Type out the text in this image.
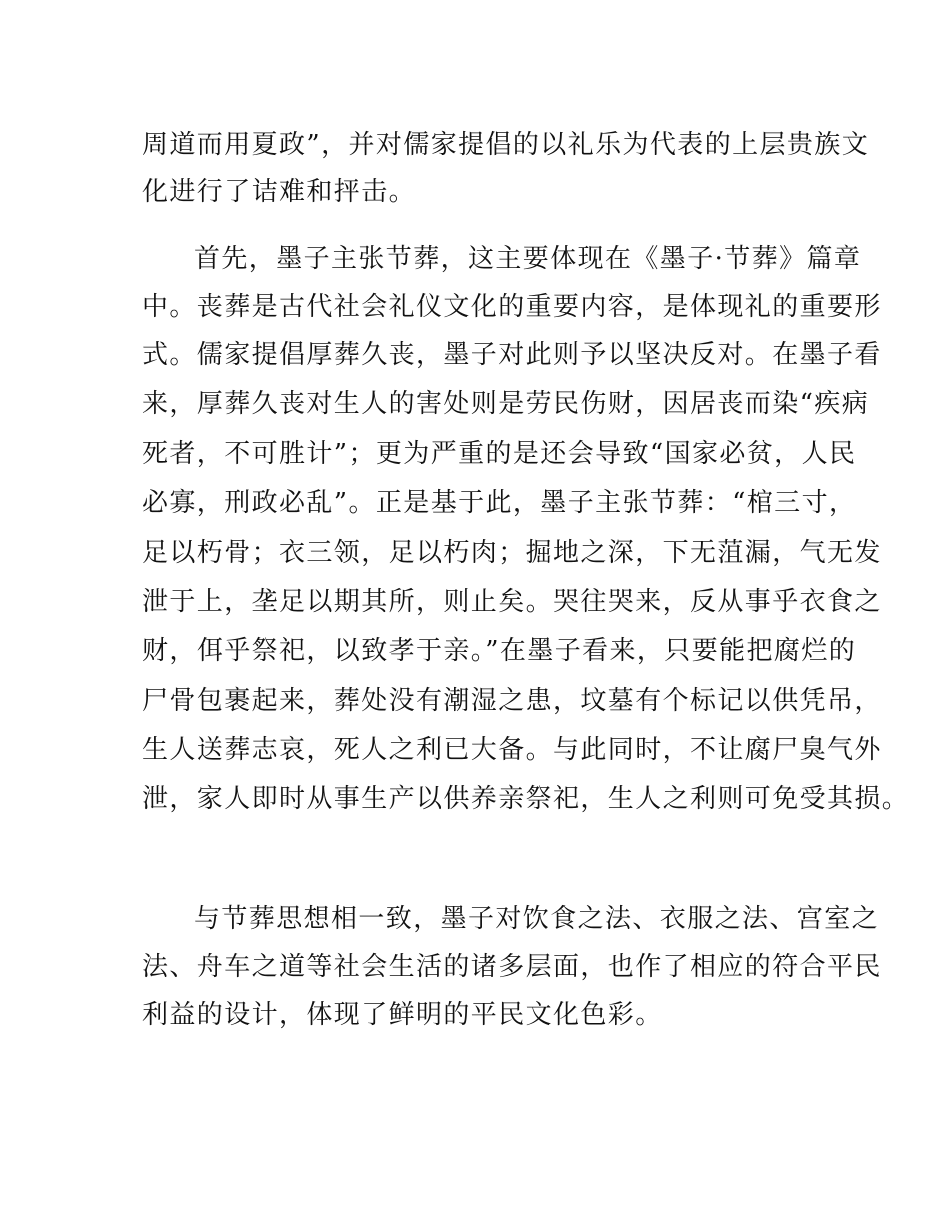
周道而用夏政”，并对儒家提倡的以礼乐为代表的上层贵族文
化进行了诘难和抨击。
首先，墨子主张节葬，这主要体现在《墨子·节葬》篇章
中。丧葬是古代社会礼仪文化的重要内容，是体现礼的重要形
式。儒家提倡厚葬久丧，墨子对此则予以坚决反对。在墨子看
来，厚葬久丧对生人的害处则是劳民伤财，因居丧而染“疾病
死者，不可胜计”；更为严重的是还会导致“国家必贫，人民
必寡，刑政必乱”。正是基于此，墨子主张节葬：“棺三寸，
足以朽骨；衣三领，足以朽肉；掘地之深，下无菹漏，气无发
泄于上，垄足以期其所，则止矣。哭往哭来，反从事乎衣食之
财，佴乎祭祀，以致孝于亲。”在墨子看来，只要能把腐烂的
尸骨包裹起来，葬处没有潮湿之患，坟墓有个标记以供凭吊，
生人送葬志哀，死人之利已大备。与此同时，不让腐尸臭气外
泄，家人即时从事生产以供养亲祭祀，生人之利则可免受其损。
与节葬思想相一致，墨子对饮食之法、衣服之法、宫室之
法、舟车之道等社会生活的诸多层面，也作了相应的符合平民
利益的设计，体现了鲜明的平民文化色彩。
